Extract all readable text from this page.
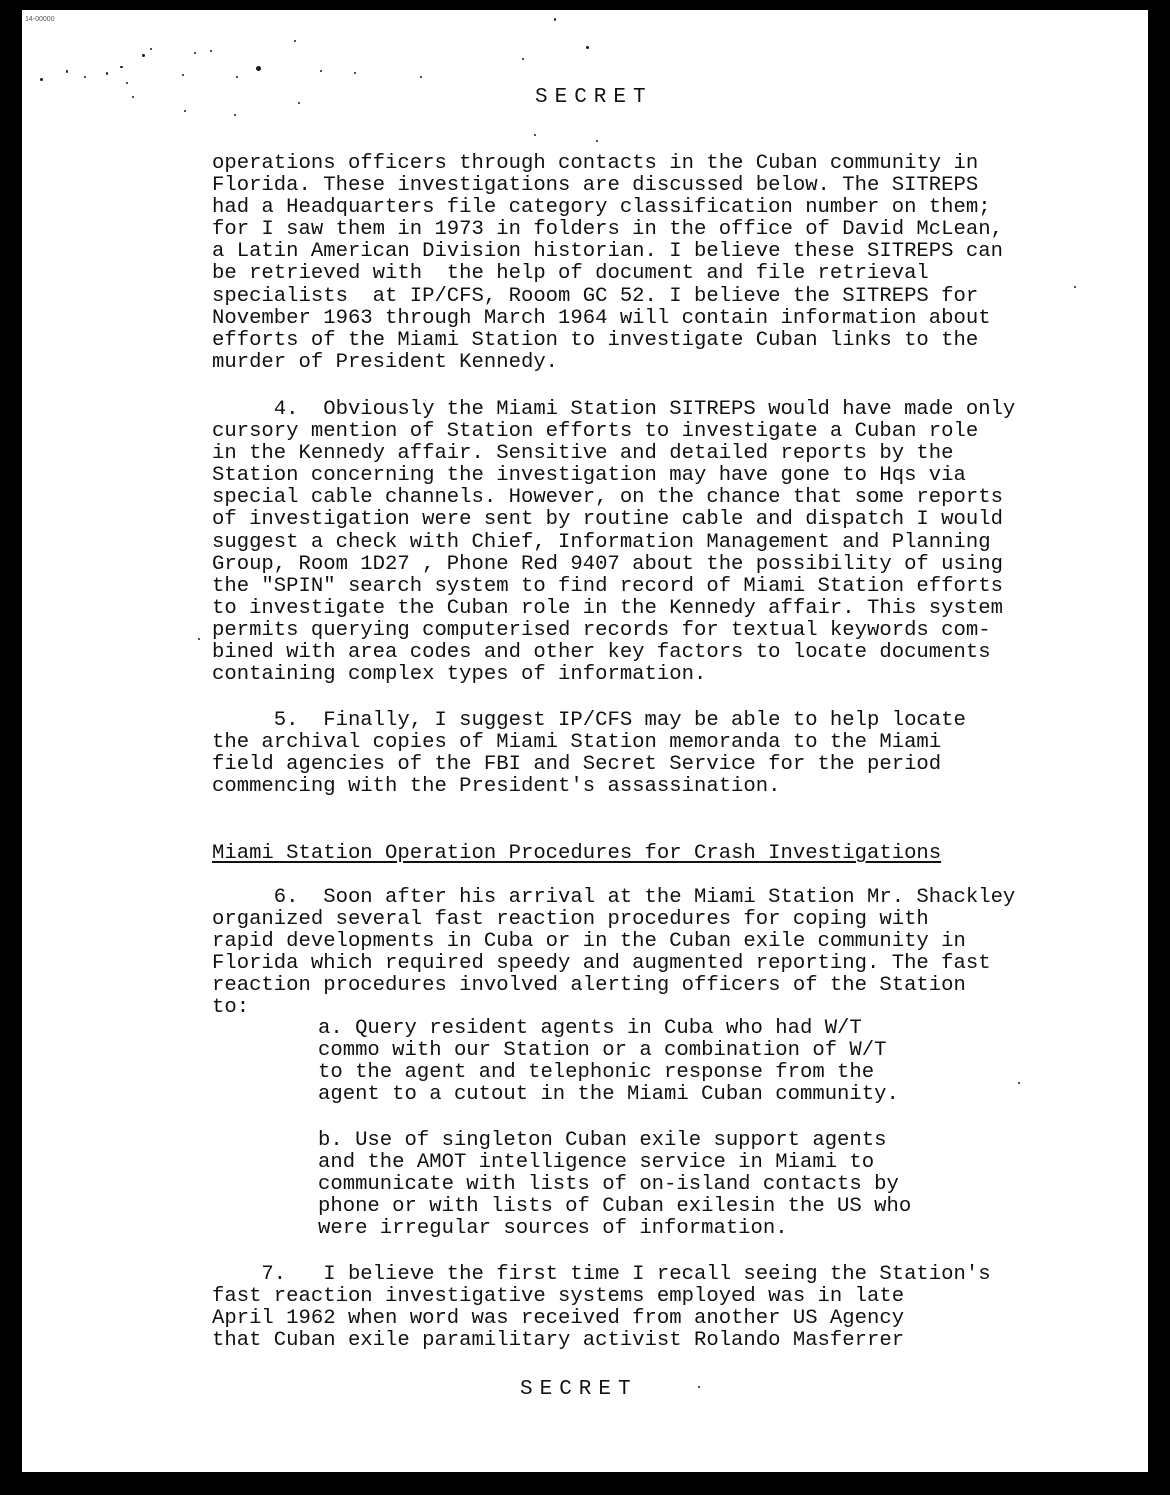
14-00000
SECRET
operations officers through contacts in the Cuban community in
Florida. These investigations are discussed below. The SITREPS
had a Headquarters file category classification number on them;
for I saw them in 1973 in folders in the office of David McLean,
a Latin American Division historian. I believe these SITREPS can
be retrieved with  the help of document and file retrieval
specialists  at IP/CFS, Rooom GC 52. I believe the SITREPS for
November 1963 through March 1964 will contain information about
efforts of the Miami Station to investigate Cuban links to the
murder of President Kennedy.
4.  Obviously the Miami Station SITREPS would have made only
cursory mention of Station efforts to investigate a Cuban role
in the Kennedy affair. Sensitive and detailed reports by the
Station concerning the investigation may have gone to Hqs via
special cable channels. However, on the chance that some reports
of investigation were sent by routine cable and dispatch I would
suggest a check with Chief, Information Management and Planning
Group, Room 1D27 , Phone Red 9407 about the possibility of using
the "SPIN" search system to find record of Miami Station efforts
to investigate the Cuban role in the Kennedy affair. This system
permits querying computerised records for textual keywords com-
bined with area codes and other key factors to locate documents
containing complex types of information.
5.  Finally, I suggest IP/CFS may be able to help locate
the archival copies of Miami Station memoranda to the Miami
field agencies of the FBI and Secret Service for the period
commencing with the President's assassination.
Miami Station Operation Procedures for Crash Investigations
6.  Soon after his arrival at the Miami Station Mr. Shackley
organized several fast reaction procedures for coping with
rapid developments in Cuba or in the Cuban exile community in
Florida which required speedy and augmented reporting. The fast
reaction procedures involved alerting officers of the Station
to:
a. Query resident agents in Cuba who had W/T
commo with our Station or a combination of W/T
to the agent and telephonic response from the
agent to a cutout in the Miami Cuban community.
b. Use of singleton Cuban exile support agents
and the AMOT intelligence service in Miami to
communicate with lists of on-island contacts by
phone or with lists of Cuban exilesin the US who
were irregular sources of information.
7.   I believe the first time I recall seeing the Station's
fast reaction investigative systems employed was in late
April 1962 when word was received from another US Agency
that Cuban exile paramilitary activist Rolando Masferrer
SECRET
